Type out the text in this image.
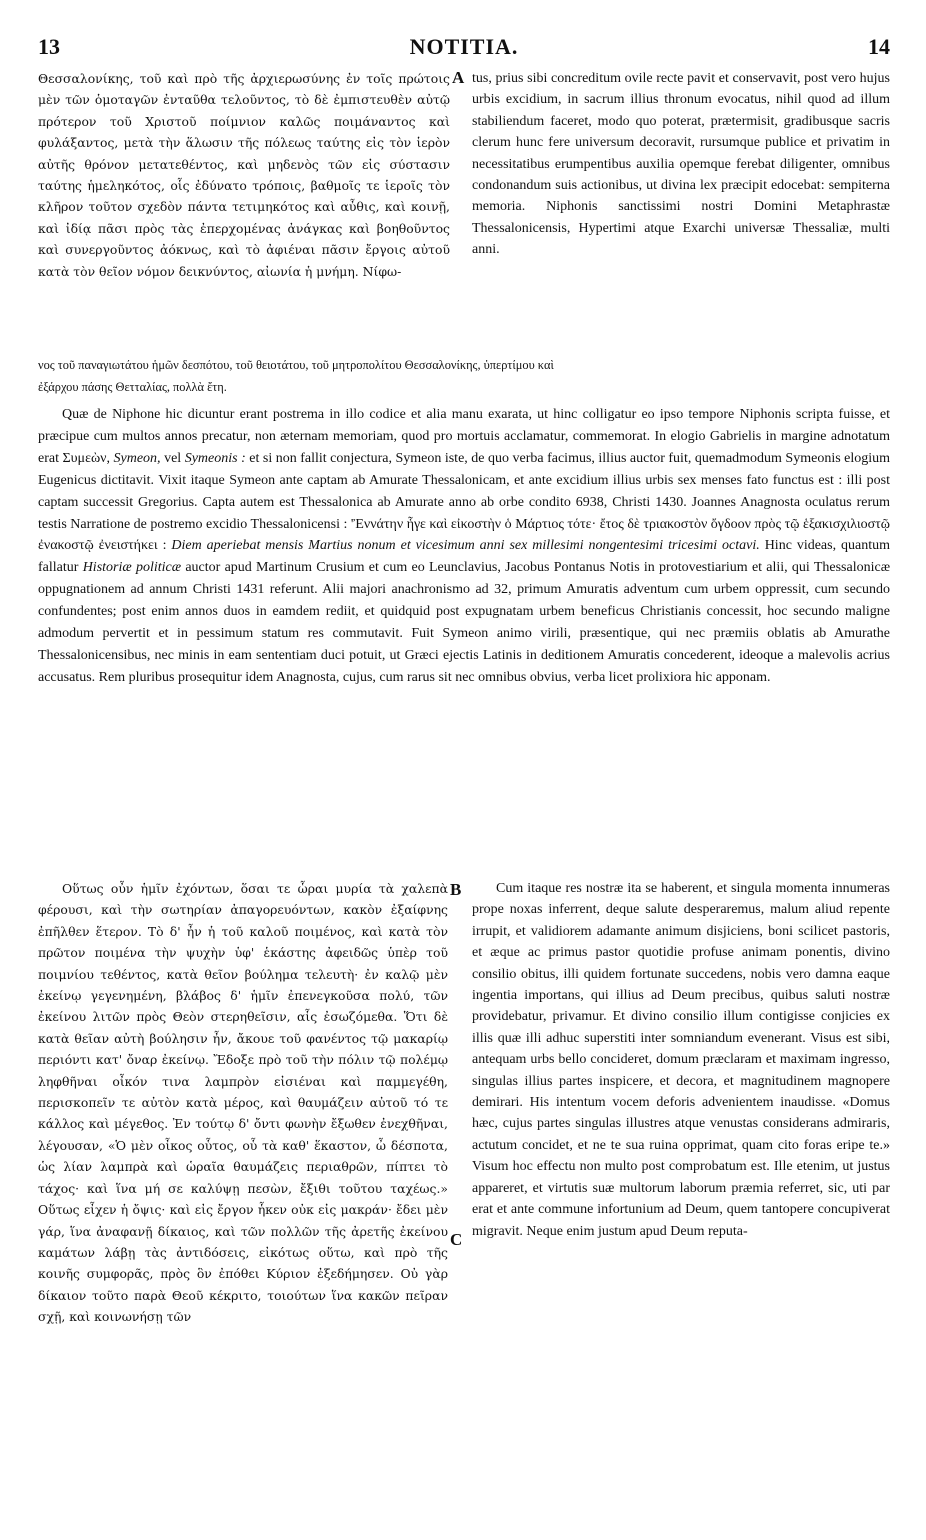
13	NOTITIA.	14
Θεσσαλονίκης, τοῦ καὶ πρὸ τῆς ἀρχιερωσύνης ἐν τοῖς πρώτοις μὲν τῶν ὁμοταγῶν ἐνταῦθα τελοῦντος, τὸ δὲ ἐμπιστευθὲν αὐτῷ πρότερον τοῦ Χριστοῦ ποίμνιον καλῶς ποιμάναντος καὶ φυλάξαντος, μετὰ τὴν ἅλωσιν τῆς πόλεως ταύτης εἰς τὸν ἱερὸν αὐτῆς θρόνον μετατεθέντος, καὶ μηδενὸς τῶν εἰς σύστασιν ταύτης ἡμεληκότος, οἷς ἐδύνατο τρόποις, βαθμοῖς τε ἱεροῖς τὸν κλῆρον τοῦτον σχεδὸν πάντα τετιμηκότος καὶ αὖθις, καὶ κοινῇ, καὶ ἰδίᾳ πᾶσι πρὸς τὰς ἐπερχομένας ἀνάγκας καὶ βοηθοῦντος καὶ συνεργοῦντος ἀόκνως, καὶ τὸ ἀφιέναι πᾶσιν ἔργοις αὐτοῦ κατὰ τὸν θεῖον νόμον δεικνύντος, αἰωνία ἡ μνήμη. Νίφω-
A tus, prius sibi concreditum ovile recte pavit et conservavit, post vero hujus urbis excidium, in sacrum illius thronum evocatus, nihil quod ad illum stabiliendum faceret, modo quo poterat, prætermisit, gradibusque sacris clerum hunc fere universum decoravit, rursumque publice et privatim in necessitatibus erumpentibus auxilia opemque ferebat diligenter, omnibus condonandum suis actionibus, ut divina lex præcipit edocebat: sempiterna memoria. Niphonis sanctissimi nostri Domini Metaphrastæ Thessalonicensis, Hypertimi atque Exarchi universæ Thessaliæ, multi anni.
νος τοῦ παναγιωτάτου ἡμῶν δεσπότου, τοῦ θειοτάτου, τοῦ μητροπολίτου Θεσσαλονίκης, ὑπερτίμου καὶ
ἐξάρχου πάσης Θετταλίας, πολλὰ ἔτη.
Quæ de Niphone hic dicuntur erant postrema in illo codice et alia manu exarata, ut hinc colligatur eo ipso tempore Niphonis scripta fuisse, et præcipue cum multos annos precatur, non æternam memoriam, quod pro mortuis acclamatur, commemorat. In elogio Gabrielis in margine adnotatum erat Συμεὼν, Symeon, vel Symeonis : et si non fallit conjectura, Symeon iste, de quo verba facimus, illius auctor fuit, quemadmodum Symeonis elogium Eugenicus dictitavit. Vixit itaque Symeon ante captam ab Amurate Thessalonicam, et ante excidium illius urbis sex menses fato functus est : illi post captam successit Gregorius. Capta autem est Thessalonica ab Amurate anno ab orbe condito 6938, Christi 1430. Joannes Anagnosta oculatus rerum testis Narratione de postremo excidio Thessalonicensi : 'Ἐννάτην ἦγε καὶ εἰκοστὴν ὁ Μάρτιος τότε· ἔτος δὲ τριακοστὸν ὄγδοον πρὸς τῷ ἑξακισχιλιοστῷ ἐνακοστῷ ἐνειστήκει : Diem aperiebat mensis Martius nonum et vicesimum anni sex millesimi nongentesimi tricesimi octavi. Hinc videas, quantum fallatur Historiæ politicæ auctor apud Martinum Crusium et cum eo Leunclavius, Jacobus Pontanus Notis in protovestiarium et alii, qui Thessalonicæ oppugnationem ad annum Christi 1431 referunt. Alii majori anachronismo ad 32, primum Amuratis adventum cum urbem oppressit, cum secundo confundentes; post enim annos duos in eamdem rediit, et quidquid post expugnatam urbem beneficus Christianis concessit, hoc secundo maligne admodum pervertit et in pessimum statum res commutavit. Fuit Symeon animo virili, præsentique, qui nec præmiis oblatis ab Amurathe Thessalonicensibus, nec minis in eam sententiam duci potuit, ut Græci ejectis Latinis in deditionem Amuratis concederent, ideoque a malevolis acrius accusatus. Rem pluribus prosequitur idem Anagnosta, cujus, cum rarus sit nec omnibus obvius, verba licet prolixiora hic apponam.
Οὕτως οὖν ἡμῖν ἐχόντων, ὅσαι τε ὧραι μυρία τὰ χαλεπὰ φέρουσι, καὶ τὴν σωτηρίαν ἀπαγορευόντων, κακὸν ἐξαίφνης ἐπῆλθεν ἕτερον. Τὸ δ' ἦν ἡ τοῦ καλοῦ ποιμένος, καὶ κατὰ τὸν πρῶτον ποιμένα τὴν ψυχὴν ὑφ' ἑκάστης ἀφειδῶς ὑπὲρ τοῦ ποιμνίου τεθέντος, κατὰ θεῖον βούλημα τελευτὴ· ἐν καλῷ μὲν ἐκείνῳ γεγενημένη, βλάβος δ' ἡμῖν ἐπενεγκοῦσα πολύ, τῶν ἐκείνου λιτῶν πρὸς Θεὸν στερηθεῖσιν, αἷς ἐσωζόμεθα. Ὅτι δὲ κατὰ θεῖαν αὐτὴ βούλησιν ἦν, ἄκουε τοῦ φανέντος τῷ μακαρίῳ περιόντι κατ' ὄναρ ἐκείνῳ. Ἔδοξε πρὸ τοῦ τὴν πόλιν τῷ πολέμῳ ληφθῆναι οἶκόν τινα λαμπρὸν εἰσιέναι καὶ παμμεγέθη, περισκοπεῖν τε αὐτὸν κατὰ μέρος, καὶ θαυμάζειν αὐτοῦ τό τε κάλλος καὶ μέγεθος. Ἐν τούτῳ δ' ὄντι φωνὴν ἔξωθεν ἐνεχθῆναι, λέγουσαν, «Ὁ μὲν οἶκος οὗτος, οὗ τὰ καθ' ἕκαστον, ὦ δέσποτα, ὡς λίαν λαμπρὰ καὶ ὡραῖα θαυμάζεις περιαθρῶν, πίπτει τὸ τάχος· καὶ ἵνα μή σε καλύψῃ πεσὼν, ἔξιθι τοῦτου ταχέως.» Οὕτως εἶχεν ἡ ὄψις· καὶ εἰς ἔργον ἧκεν οὐκ εἰς μακράν· ἔδει μὲν γάρ, ἵνα ἀναφανῇ δίκαιος, καὶ τῶν πολλῶν τῆς ἀρετῆς ἐκείνου καμάτων λάβῃ τὰς ἀντιδόσεις, εἰκότως οὕτω, καὶ πρὸ τῆς κοινῆς συμφορᾶς, πρὸς ὃν ἐπόθει Κύριον ἐξεδήμησεν. Οὐ γὰρ δίκαιον τοῦτο παρὰ Θεοῦ κέκριτο, τοιούτων ἵνα κακῶν πεῖραν σχῇ, καὶ κοινωνήσῃ τῶν
B
C
Cum itaque res nostræ ita se haberent, et singula momenta innumeras prope noxas inferrent, deque salute desperaremus, malum aliud repente irrupit, et validiorem adamante animum disjiciens, boni scilicet pastoris, et æque ac primus pastor quotidie profuse animam ponentis, divino consilio obitus, illi quidem fortunate succedens, nobis vero damna eaque ingentia importans, qui illius ad Deum precibus, quibus saluti nostræ providebatur, privamur. Et divino consilio illum contigisse conjicies ex illis quæ illi adhuc superstiti inter somniandum evenerant. Visus est sibi, antequam urbs bello concideret, domum præclaram et maximam ingresso, singulas illius partes inspicere, et decora, et magnitudinem magnopere demirari. His intentum vocem deforis advenientem inaudisse. «Domus hæc, cujus partes singulas illustres atque venustas considerans admiraris, actutum concidet, et ne te sua ruina opprimat, quam cito foras eripe te.» Visum hoc effectu non multo post comprobatum est. Ille etenim, ut justus appareret, et virtutis suæ multorum laborum præmia referret, sic, uti par erat et ante commune infortunium ad Deum, quem tantopere concupiverat migravit. Neque enim justum apud Deum reputa-
